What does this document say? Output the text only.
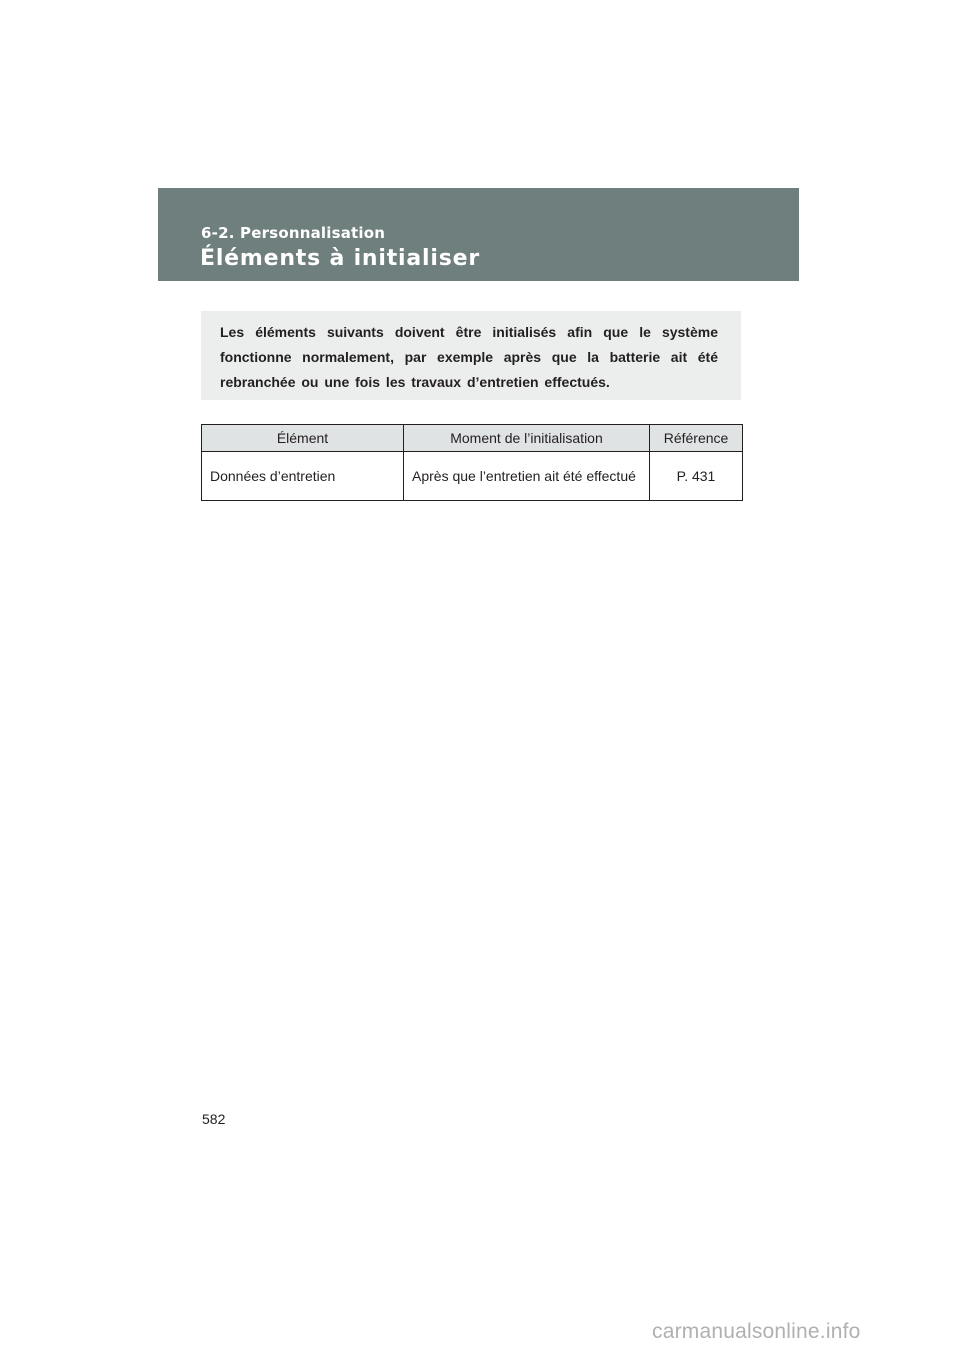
6-2. Personnalisation
Éléments à initialiser

Les éléments suivants doivent être initialisés afin que le système fonctionne normalement, par exemple après que la batterie ait été rebranchée ou une fois les travaux d’entretien effectués.

Élément	Moment de l’initialisation	Référence
Données d’entretien	Après que l’entretien ait été effectué	P. 431
582
carmanualsonline.info
